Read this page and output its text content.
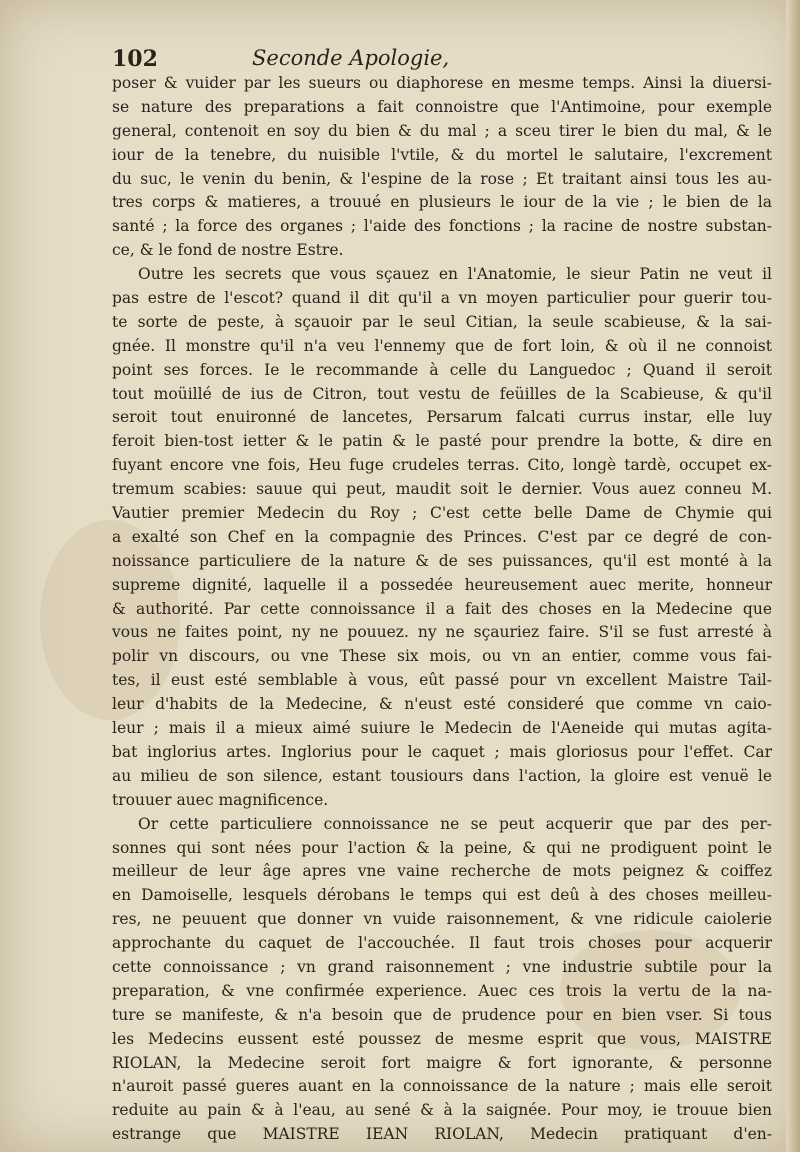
102	Seconde Apologie,
poser & vuider par les sueurs ou diaphorese en mesme temps. Ainsi la diuersi-
se nature des preparations a fait connoistre que l'Antimoine, pour exemple
general, contenoit en soy du bien & du mal ; a sceu tirer le bien du mal, & le
iour de la tenebre, du nuisible l'vtile, & du mortel le salutaire, l'excrement
du suc, le venin du benin, & l'espine de la rose ; Et traitant ainsi tous les au-
tres corps & matieres, a trouué en plusieurs le iour de la vie ; le bien de la
santé ; la force des organes ; l'aide des fonctions ; la racine de nostre substan-
ce, & le fond de nostre Estre.
Outre les secrets que vous sçauez en l'Anatomie, le sieur Patin ne veut il
pas estre de l'escot? quand il dit qu'il a vn moyen particulier pour guerir tou-
te sorte de peste, à sçauoir par le seul Citian, la seule scabieuse, & la sai-
gnée. Il monstre qu'il n'a veu l'ennemy que de fort loin, & où il ne connoist
point ses forces. Ie le recommande à celle du Languedoc ; Quand il seroit
tout moüillé de ius de Citron, tout vestu de feüilles de la Scabieuse, & qu'il
seroit tout enuironné de lancetes, Persarum falcati currus instar, elle luy
feroit bien-tost ietter & le patin & le pasté pour prendre la botte, & dire en
fuyant encore vne fois, Heu fuge crudeles terras. Cito, longè tardè, occupet ex-
tremum scabies: sauue qui peut, maudit soit le dernier. Vous auez conneu M.
Vautier premier Medecin du Roy ; C'est cette belle Dame de Chymie qui
a exalté son Chef en la compagnie des Princes. C'est par ce degré de con-
noissance particuliere de la nature & de ses puissances, qu'il est monté à la
supreme dignité, laquelle il a possedée heureusement auec merite, honneur
& authorité. Par cette connoissance il a fait des choses en la Medecine que
vous ne faites point, ny ne pouuez. ny ne sçauriez faire. S'il se fust arresté à
polir vn discours, ou vne These six mois, ou vn an entier, comme vous fai-
tes, il eust esté semblable à vous, eût passé pour vn excellent Maistre Tail-
leur d'habits de la Medecine, & n'eust esté consideré que comme vn caio-
leur ; mais il a mieux aimé suiure le Medecin de l'Aeneide qui mutas agita-
bat inglorius artes. Inglorius pour le caquet ; mais gloriosus pour l'effet. Car
au milieu de son silence, estant tousiours dans l'action, la gloire est venuë le
trouuer auec magnificence.
Or cette particuliere connoissance ne se peut acquerir que par des per-
sonnes qui sont nées pour l'action & la peine, & qui ne prodiguent point le
meilleur de leur âge apres vne vaine recherche de mots peignez & coiffez
en Damoiselle, lesquels dérobans le temps qui est deû à des choses meilleu-
res, ne peuuent que donner vn vuide raisonnement, & vne ridicule caiolerie
approchante du caquet de l'accouchée. Il faut trois choses pour acquerir
cette connoissance ; vn grand raisonnement ; vne industrie subtile pour la
preparation, & vne confirmée experience. Auec ces trois la vertu de la na-
ture se manifeste, & n'a besoin que de prudence pour en bien vser. Si tous
les Medecins eussent esté poussez de mesme esprit que vous, MAISTRE
RIOLAN, la Medecine seroit fort maigre & fort ignorante, & personne
n'auroit passé gueres auant en la connoissance de la nature ; mais elle seroit
reduite au pain & à l'eau, au sené & à la saignée. Pour moy, ie trouue bien
estrange que MAISTRE IEAN RIOLAN, Medecin pratiquant d'en-
